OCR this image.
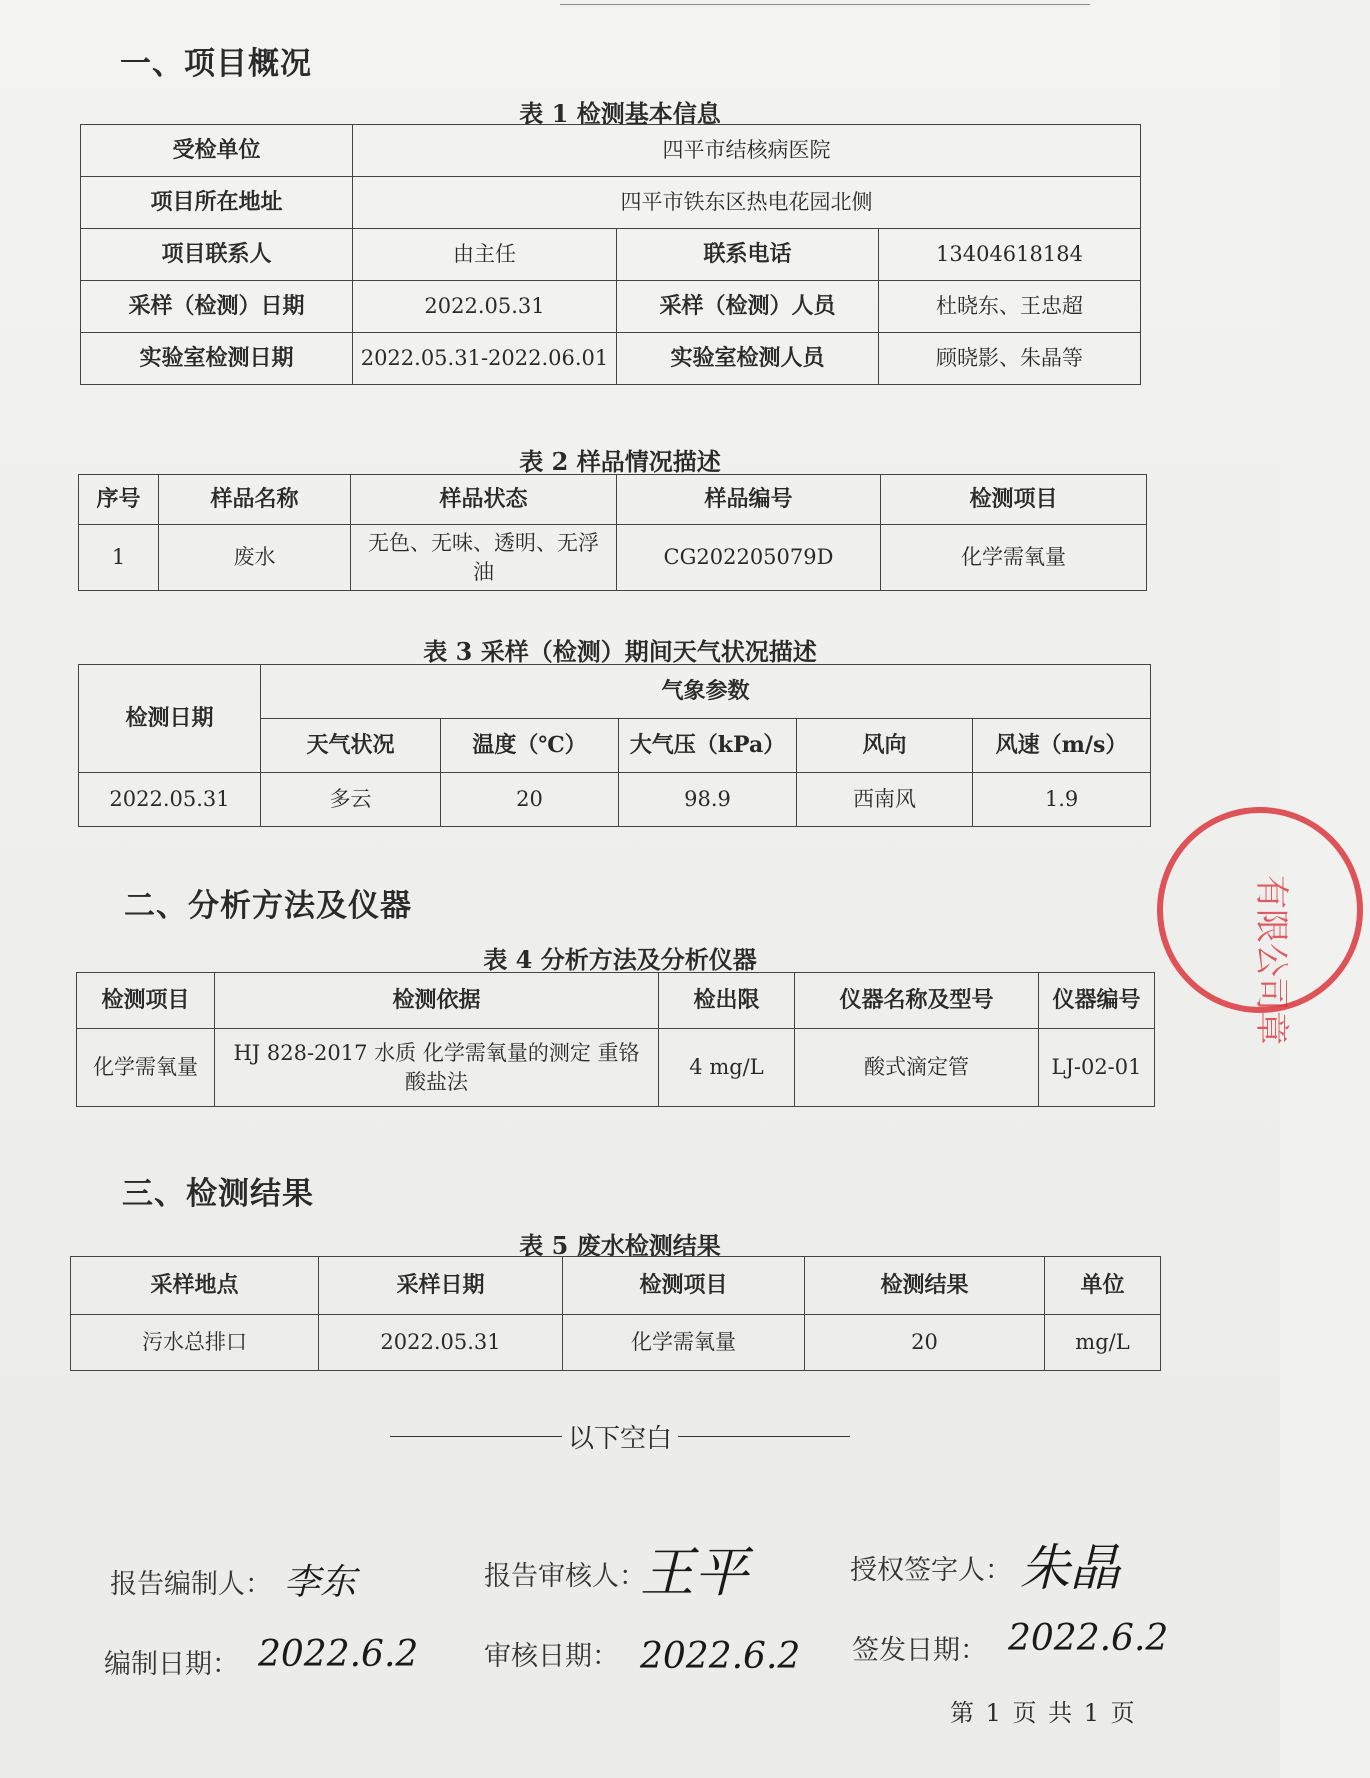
一、项目概况
表 1 检测基本信息
受检单位	四平市结核病医院		
项目所在地址	四平市铁东区热电花园北侧		
项目联系人	由主任	联系电话	13404618184
采样（检测）日期	2022.05.31	采样（检测）人员	杜晓东、王忠超
实验室检测日期	2022.05.31-2022.06.01	实验室检测人员	顾晓影、朱晶等
表 2 样品情况描述
序号	样品名称	样品状态	样品编号	检测项目
1	废水	无色、无味、透明、无浮油	CG202205079D	化学需氧量
表 3 采样（检测）期间天气状况描述
检测日期	气象参数				
	天气状况	温度（℃）	大气压（kPa）	风向	风速（m/s）
2022.05.31	多云	20	98.9	西南风	1.9
二、分析方法及仪器
表 4 分析方法及分析仪器
检测项目	检测依据	检出限	仪器名称及型号	仪器编号
化学需氧量	HJ 828-2017 水质 化学需氧量的测定 重铬酸盐法	4 mg/L	酸式滴定管	LJ-02-01
三、检测结果
表 5 废水检测结果
采样地点	采样日期	检测项目	检测结果	单位
污水总排口	2022.05.31	化学需氧量	20	mg/L
以下空白
报告编制人： 李东	报告审核人：
王平	授权签字人： 朱晶
编制日期： 2022.6.2 审核日期： 2022.6.2 签发日期： 2022.6.2
第 1 页 共 1 页
有限公司章
